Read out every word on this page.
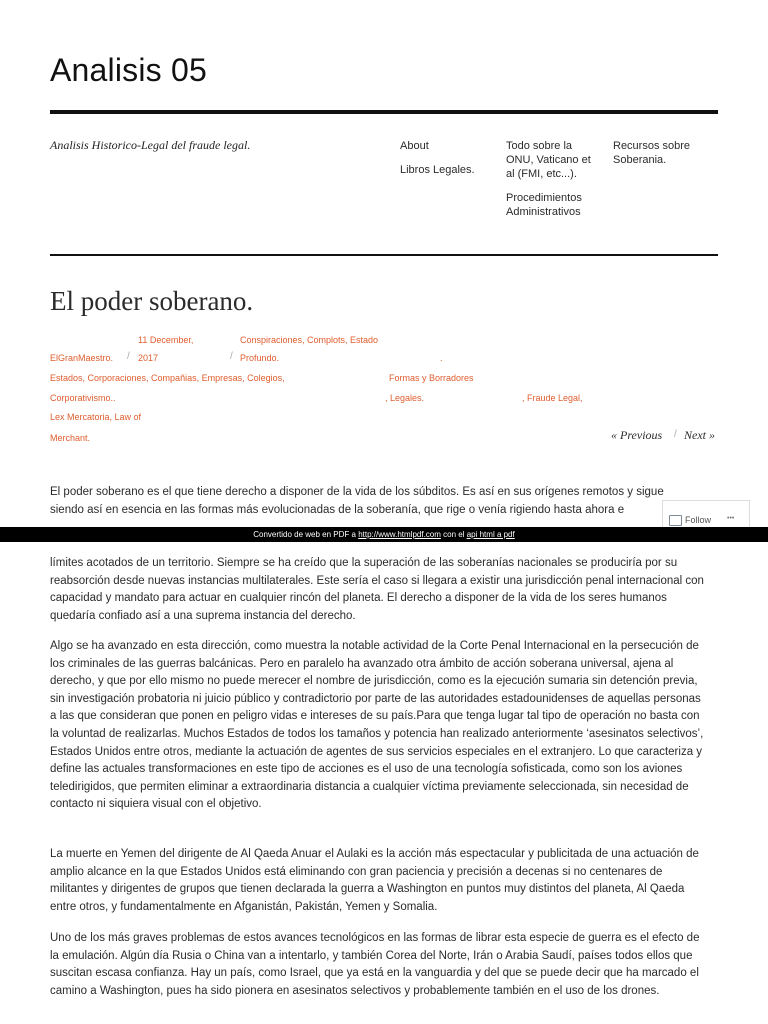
Analisis 05
Analisis Historico-Legal del fraude legal.	About
Libros Legales.
Todo sobre la ONU, Vaticano et al (FMI, etc...).
Procedimientos Administrativos
Recursos sobre Soberania.
El poder soberano.
11 December,	Conspiraciones, Complots, Estado
ElGranMaestro. / 2017	/ Profundo.	.
Estados, Corporaciones, Compañias, Empresas, Colegios,	Formas y Borradores
Corporativismo..	, Legales.	, Fraude Legal,
Lex Mercatoria, Law of
Merchant.	« Previous / Next »

El poder soberano es el que tiene derecho a disponer de la vida de los súbditos. Es así en sus orígenes remotos y sigue siendo así en esencia en las formas más evolucionadas de la soberanía, que rige o venía rigiendo hasta ahora e

Follow •••
Convertido de web en PDF a http://www.htmlpdf.com con el api html a pdf

límites acotados de un territorio. Siempre se ha creído que la superación de las soberanías nacionales se produciría por su reabsorción desde nuevas instancias multilaterales. Este sería el caso si llegara a existir una jurisdicción penal internacional con capacidad y mandato para actuar en cualquier rincón del planeta. El derecho a disponer de la vida de los seres humanos quedaría confiado así a una suprema instancia del derecho.

Algo se ha avanzado en esta dirección, como muestra la notable actividad de la Corte Penal Internacional en la persecución de los criminales de las guerras balcánicas. Pero en paralelo ha avanzado otra ámbito de acción soberana universal, ajena al derecho, y que por ello mismo no puede merecer el nombre de jurisdicción, como es la ejecución sumaria sin detención previa, sin investigación probatoria ni juicio público y contradictorio por parte de las autoridades estadounidenses de aquellas personas a las que consideran que ponen en peligro vidas e intereses de su país.Para que tenga lugar tal tipo de operación no basta con la voluntad de realizarlas. Muchos Estados de todos los tamaños y potencia han realizado anteriormente ‘asesinatos selectivos’, Estados Unidos entre otros, mediante la actuación de agentes de sus servicios especiales en el extranjero. Lo que caracteriza y define las actuales transformaciones en este tipo de acciones es el uso de una tecnología sofisticada, como son los aviones teledirigidos, que permiten eliminar a extraordinaria distancia a cualquier víctima previamente seleccionada, sin necesidad de contacto ni siquiera visual con el objetivo.

La muerte en Yemen del dirigente de Al Qaeda Anuar el Aulaki es la acción más espectacular y publicitada de una actuación de amplio alcance en la que Estados Unidos está eliminando con gran paciencia y precisión a decenas si no centenares de militantes y dirigentes de grupos que tienen declarada la guerra a Washington en puntos muy distintos del planeta, Al Qaeda entre otros, y fundamentalmente en Afganistán, Pakistán, Yemen y Somalia.

Uno de los más graves problemas de estos avances tecnológicos en las formas de librar esta especie de guerra es el efecto de la emulación. Algún día Rusia o China van a intentarlo, y también Corea del Norte, Irán o Arabia Saudí, países todos ellos que suscitan escasa confianza. Hay un país, como Israel, que ya está en la vanguardia y del que se puede decir que ha marcado el camino a Washington, pues ha sido pionera en asesinatos selectivos y probablemente también en el uso de los drones.
